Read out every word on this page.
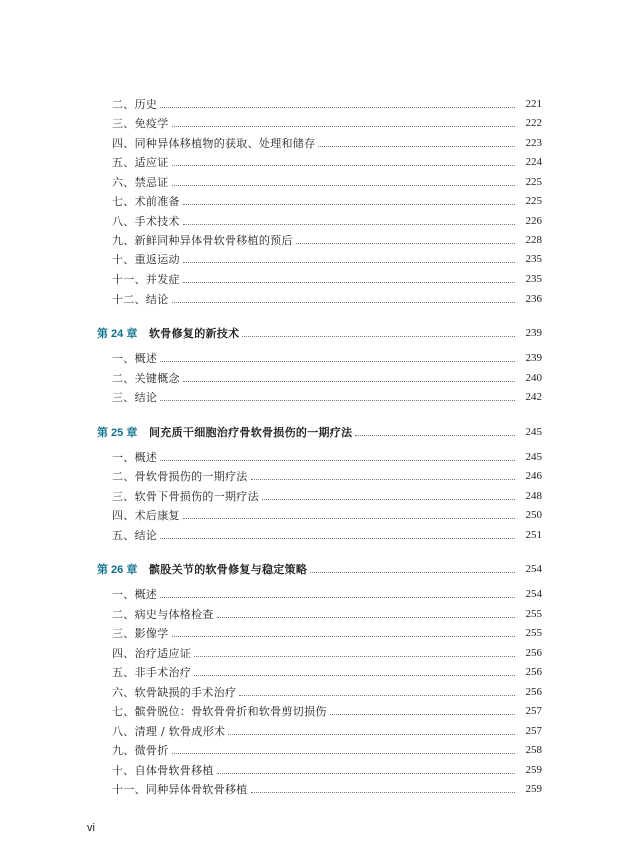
二、历史	221
三、免疫学	222
四、同种异体移植物的获取、处理和储存	223
五、适应证	224
六、禁忌证	225
七、术前准备	225
八、手术技术	226
九、新鲜同种异体骨软骨移植的预后	228
十、重返运动	235
十一、并发症	235
十二、结论	236
第 24 章	软骨修复的新技术	239
一、概述	239
二、关键概念	240
三、结论	242
第 25 章	间充质干细胞治疗骨软骨损伤的一期疗法	245
一、概述	245
二、骨软骨损伤的一期疗法	246
三、软骨下骨损伤的一期疗法	248
四、术后康复	250
五、结论	251
第 26 章	髌股关节的软骨修复与稳定策略	254
一、概述	254
二、病史与体格检查	255
三、影像学	255
四、治疗适应证	256
五、非手术治疗	256
六、软骨缺损的手术治疗	256
七、髌骨脱位：骨软骨骨折和软骨剪切损伤	257
八、清理 / 软骨成形术	257
九、微骨折	258
十、自体骨软骨移植	259
十一、同种异体骨软骨移植	259
vi
